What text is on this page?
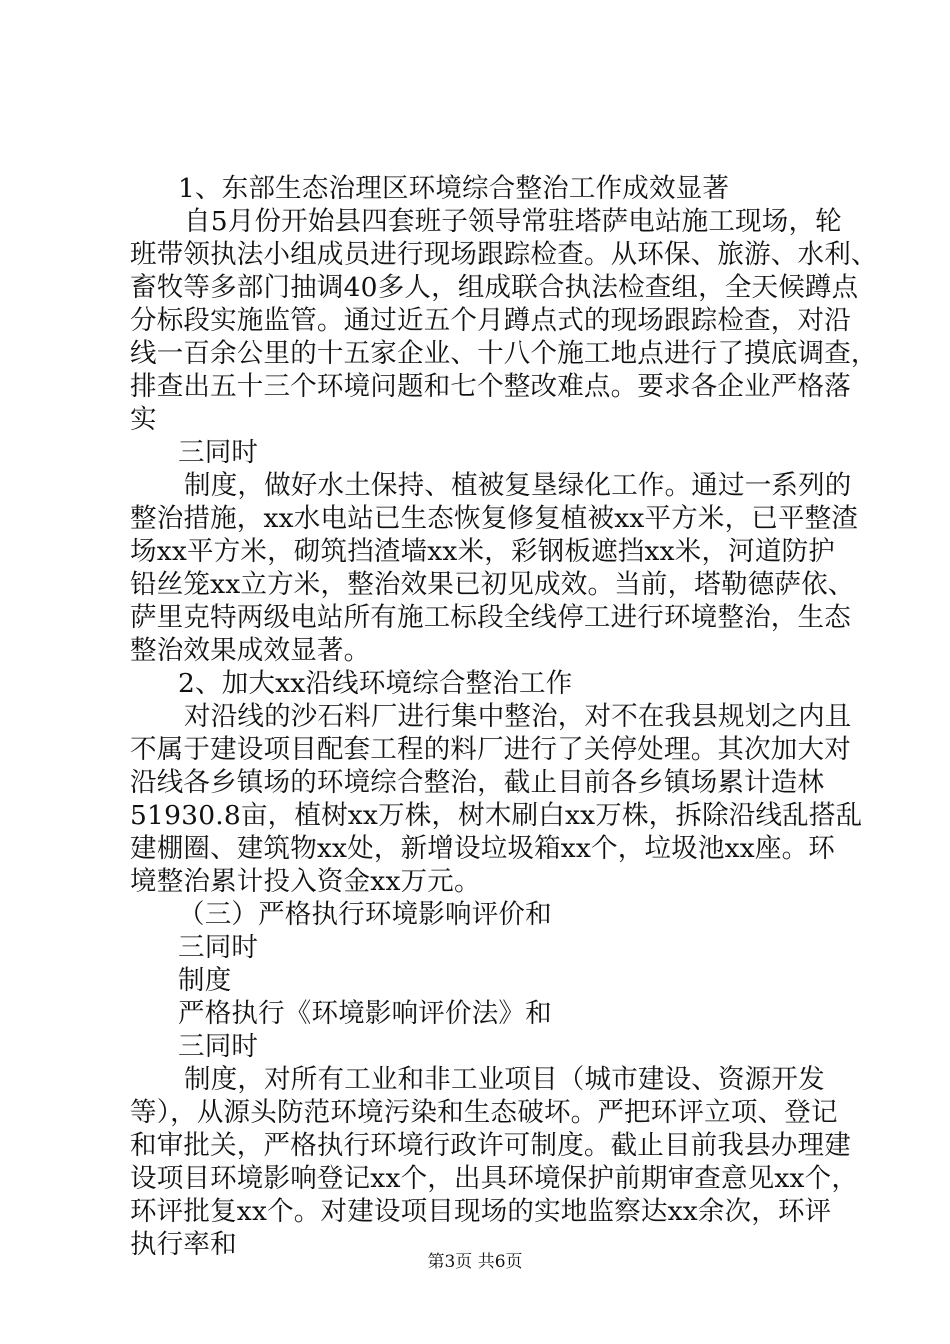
1、东部生态治理区环境综合整治工作成效显著
自5月份开始县四套班子领导常驻塔萨电站施工现场，轮
班带领执法小组成员进行现场跟踪检查。从环保、旅游、水利、
畜牧等多部门抽调40多人，组成联合执法检查组，全天候蹲点
分标段实施监管。通过近五个月蹲点式的现场跟踪检查，对沿
线一百余公里的十五家企业、十八个施工地点进行了摸底调查，
排查出五十三个环境问题和七个整改难点。要求各企业严格落
实
三同时
制度，做好水土保持、植被复垦绿化工作。通过一系列的
整治措施，xx水电站已生态恢复修复植被xx平方米，已平整渣
场xx平方米，砌筑挡渣墙xx米，彩钢板遮挡xx米，河道防护
铅丝笼xx立方米，整治效果已初见成效。当前，塔勒德萨依、
萨里克特两级电站所有施工标段全线停工进行环境整治，生态
整治效果成效显著。
2、加大xx沿线环境综合整治工作
对沿线的沙石料厂进行集中整治，对不在我县规划之内且
不属于建设项目配套工程的料厂进行了关停处理。其次加大对
沿线各乡镇场的环境综合整治，截止目前各乡镇场累计造林
51930.8亩，植树xx万株，树木刷白xx万株，拆除沿线乱搭乱
建棚圈、建筑物xx处，新增设垃圾箱xx个，垃圾池xx座。环
境整治累计投入资金xx万元。
（三）严格执行环境影响评价和
三同时
制度
严格执行《环境影响评价法》和
三同时
制度，对所有工业和非工业项目（城市建设、资源开发
等），从源头防范环境污染和生态破坏。严把环评立项、登记
和审批关，严格执行环境行政许可制度。截止目前我县办理建
设项目环境影响登记xx个，出具环境保护前期审查意见xx个，
环评批复xx个。对建设项目现场的实地监察达xx余次，环评
执行率和
第3页 共6页
